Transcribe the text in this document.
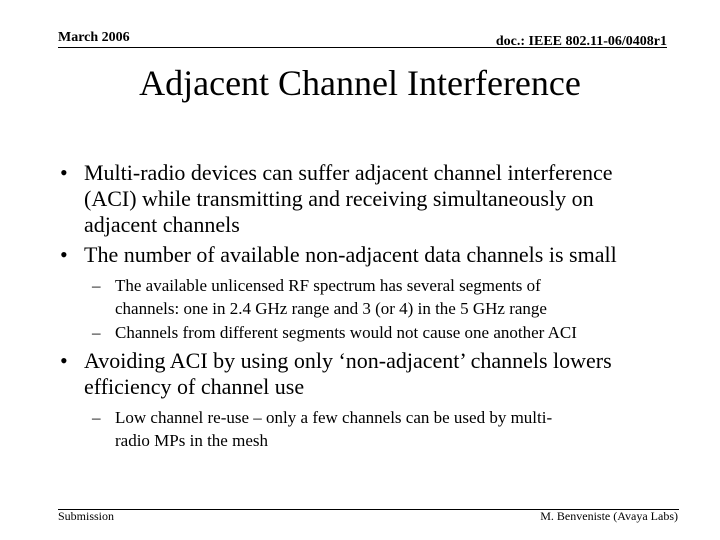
March 2006	doc.: IEEE 802.11-06/0408r1
Adjacent Channel Interference
• Multi-radio devices can suffer adjacent channel interference
(ACI) while transmitting and receiving simultaneously on
adjacent channels
• The number of available non-adjacent data channels is small
– The available unlicensed RF spectrum has several segments of
channels: one in 2.4 GHz range and 3 (or 4) in the 5 GHz range
– Channels from different segments would not cause one another ACI
• Avoiding ACI by using only ‘non-adjacent’ channels lowers
efficiency of channel use
– Low channel re-use – only a few channels can be used by multi-
radio MPs in the mesh
Submission	M. Benveniste (Avaya Labs)
